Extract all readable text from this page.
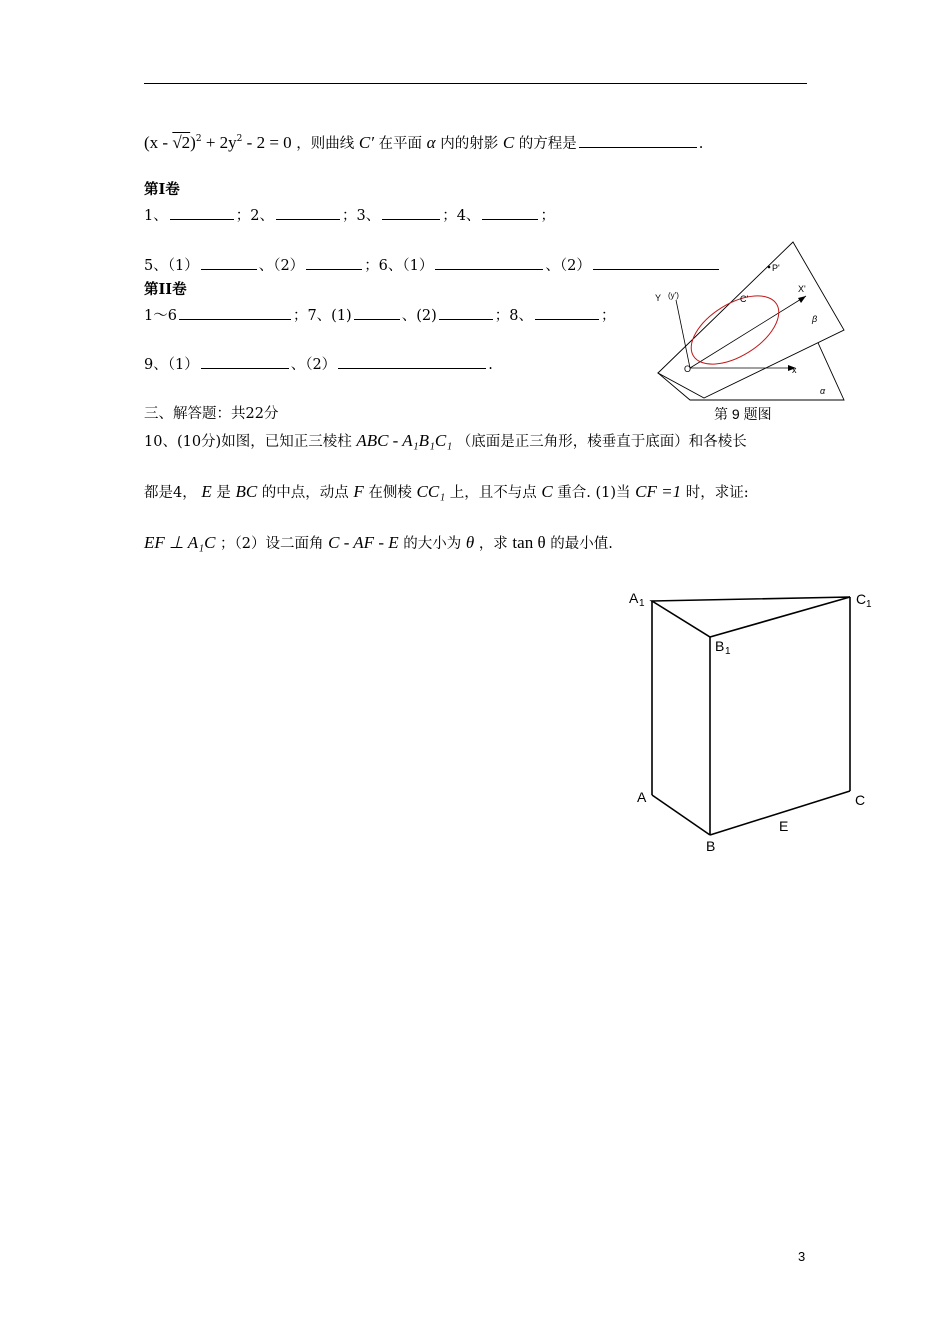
$(x - √2)^2 + 2y^2 - 2 = 0$ ，则曲线 C′ 在平面 α 内的射影 C 的方程是	.
第I卷
1、	；2、	；3、	；4、	；
5、（1）	、（2）	；6、（1）	、（2）
第II卷
1～6	；7、(1)	、(2)	；8、	；
9、（1）	、（2）	.
P'
Y (y')	C'
X'
β
O	x
α
第 9 题图
三、解答题：共22分
10、(10分)如图，已知正三棱柱 ABC - A₁B₁C₁ （底面是正三角形，棱垂直于底面）和各棱长
都是4， E 是 BC 的中点，动点 F 在侧棱 CC₁ 上，且不与点 C 重合. (1)当 CF =1 时，求证:
EF ⊥ A₁C ；（2）设二面角 C - AF - E 的大小为 θ ，求 tan θ 的最小值.
A 1	C 1
B 1
A	C
E
B
3
